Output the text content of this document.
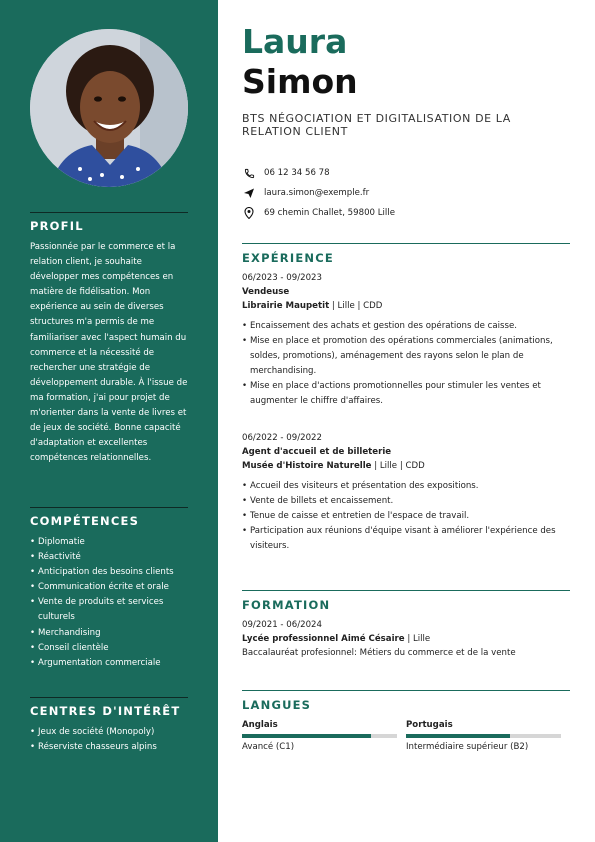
PROFIL
Passionnée par le commerce et la relation client, je souhaite développer mes compétences en matière de fidélisation. Mon expérience au sein de diverses structures m'a permis de me familiariser avec l'aspect humain du commerce et la nécessité de rechercher une stratégie de développement durable. À l'issue de ma formation, j'ai pour projet de m'orienter dans la vente de livres et de jeux de société. Bonne capacité d'adaptation et excellentes compétences relationnelles.
COMPÉTENCES
• Diplomatie
• Réactivité
• Anticipation des besoins clients
• Communication écrite et orale
• Vente de produits et services culturels
• Merchandising
• Conseil clientèle
• Argumentation commerciale
CENTRES D'INTÉRÊT
• Jeux de société (Monopoly)
• Réserviste chasseurs alpins
Laura
Simon
BTS NÉGOCIATION ET DIGITALISATION DE LA RELATION CLIENT
06 12 34 56 78
laura.simon@exemple.fr
69 chemin Challet, 59800 Lille
EXPÉRIENCE
06/2023 - 09/2023
Vendeuse
Librairie Maupetit | Lille | CDD
• Encaissement des achats et gestion des opérations de caisse.
• Mise en place et promotion des opérations commerciales (animations, soldes, promotions), aménagement des rayons selon le plan de merchandising.
• Mise en place d'actions promotionnelles pour stimuler les ventes et augmenter le chiffre d'affaires.
06/2022 - 09/2022
Agent d'accueil et de billeterie
Musée d'Histoire Naturelle | Lille | CDD
• Accueil des visiteurs et présentation des expositions.
• Vente de billets et encaissement.
• Tenue de caisse et entretien de l'espace de travail.
• Participation aux réunions d'équipe visant à améliorer l'expérience des visiteurs.
FORMATION
09/2021 - 06/2024
Lycée professionnel Aimé Césaire | Lille
Baccalauréat profesionnel: Métiers du commerce et de la vente
LANGUES
Anglais
Avancé (C1)
Portugais
Intermédiaire supérieur (B2)
